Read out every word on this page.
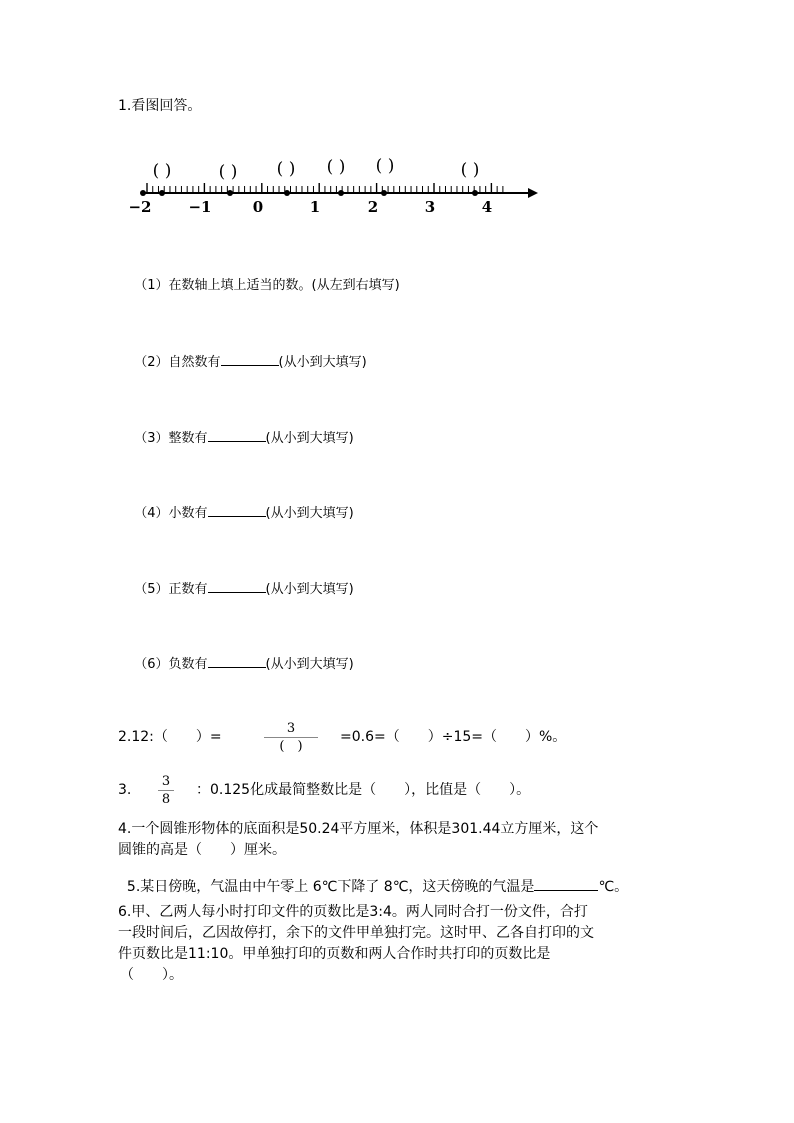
1.看图回答。
( )	( ) ( ) ( ) ( )	( )
−2 −1	0	1	2	3	4

（1）在数轴上填上适当的数。(从左到右填写)

（2）自然数有	(从小到大填写)

（3）整数有	(从小到大填写)

（4）小数有	(从小到大填写)

（5）正数有	(从小到大填写)

（6）负数有	(从小到大填写)

2.12:（　　）=
3
(　)
=0.6=（　　）÷15=（　　）%。
3.
3
8
：0.125化成最简整数比是（　　），比值是（　　）。
4.一个圆锥形物体的底面积是50.24平方厘米，体积是301.44立方厘米，这个
圆锥的高是（　　）厘米。

5.某日傍晚，气温由中午零上 6℃下降了 8℃，这天傍晚的气温是	℃。

6.甲、乙两人每小时打印文件的页数比是3:4。两人同时合打一份文件，合打
一段时间后，乙因故停打，余下的文件甲单独打完。这时甲、乙各自打印的文
件页数比是11:10。甲单独打印的页数和两人合作时共打印的页数比是
（　　）。
